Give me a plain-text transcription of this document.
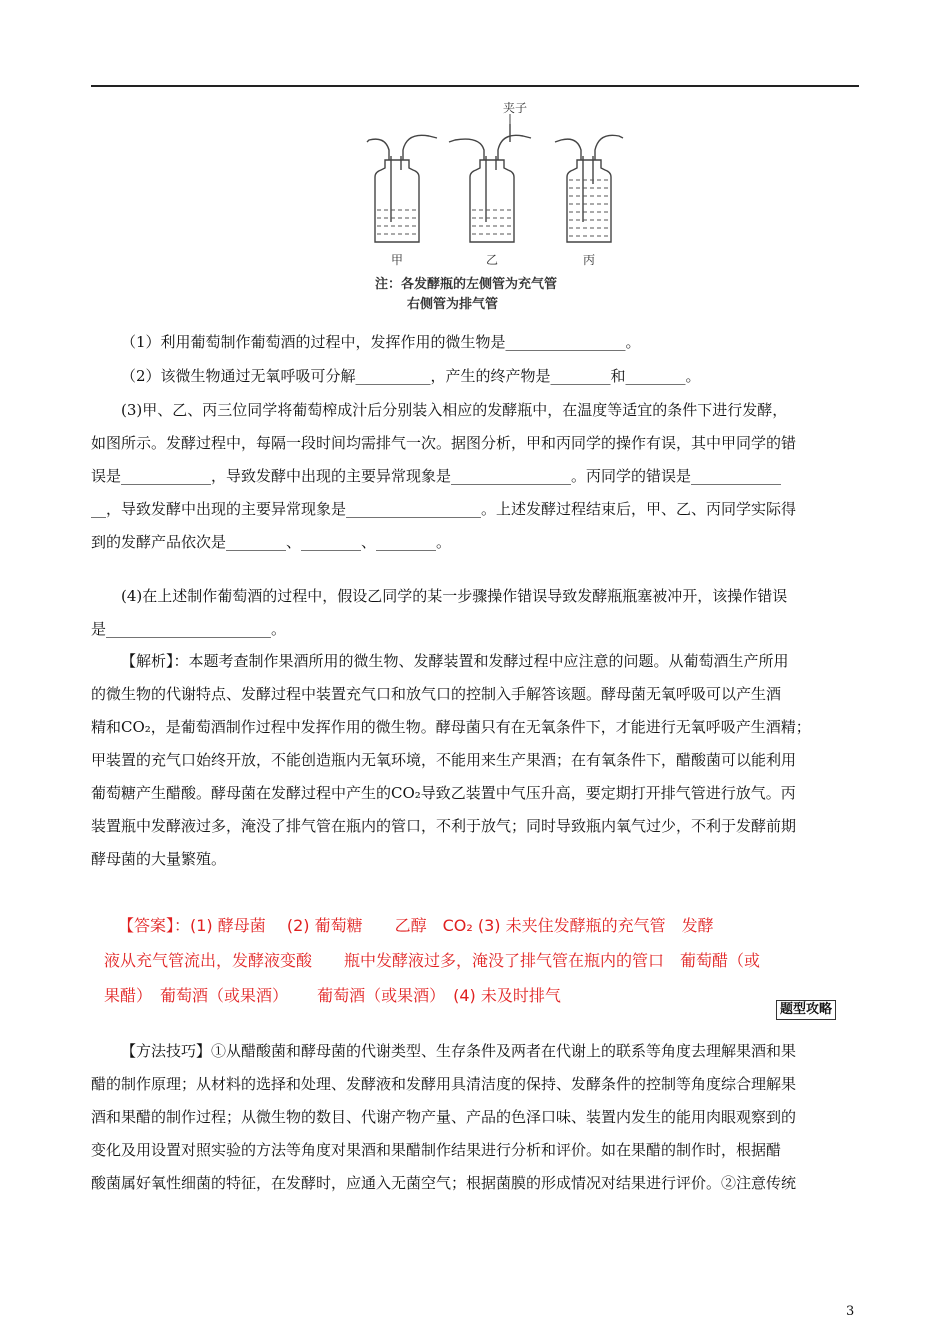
夹子
甲	乙	丙
注：各发酵瓶的左侧管为充气管
右侧管为排气管
（1）利用葡萄制作葡萄酒的过程中，发挥作用的微生物是________________。
（2）该微生物通过无氧呼吸可分解__________，产生的终产物是________和________。
(3)甲、乙、丙三位同学将葡萄榨成汁后分别装入相应的发酵瓶中，在温度等适宜的条件下进行发酵，
如图所示。发酵过程中，每隔一段时间均需排气一次。据图分析，甲和丙同学的操作有误，其中甲同学的错
误是____________，导致发酵中出现的主要异常现象是________________。丙同学的错误是____________
__，导致发酵中出现的主要异常现象是__________________。上述发酵过程结束后，甲、乙、丙同学实际得
到的发酵产品依次是________、________、________。
(4)在上述制作葡萄酒的过程中，假设乙同学的某一步骤操作错误导致发酵瓶瓶塞被冲开，该操作错误
是______________________。
【解析】：本题考查制作果酒所用的微生物、发酵装置和发酵过程中应注意的问题。从葡萄酒生产所用
的微生物的代谢特点、发酵过程中装置充气口和放气口的控制入手解答该题。酵母菌无氧呼吸可以产生酒
精和CO₂，是葡萄酒制作过程中发挥作用的微生物。酵母菌只有在无氧条件下，才能进行无氧呼吸产生酒精；
甲装置的充气口始终开放，不能创造瓶内无氧环境，不能用来生产果酒；在有氧条件下，醋酸菌可以能利用
葡萄糖产生醋酸。酵母菌在发酵过程中产生的CO₂导致乙装置中气压升高，要定期打开排气管进行放气。丙
装置瓶中发酵液过多，淹没了排气管在瓶内的管口，不利于放气；同时导致瓶内氧气过少，不利于发酵前期
酵母菌的大量繁殖。
【答案】：(1) 酵母菌　 (2) 葡萄糖　　乙醇　CO₂ (3) 未夹住发酵瓶的充气管　发酵
液从充气管流出，发酵液变酸　　瓶中发酵液过多，淹没了排气管在瓶内的管口　葡萄醋（或
果醋）　葡萄酒（或果酒）　　 葡萄酒（或果酒）　(4) 未及时排气
题型攻略
【方法技巧】①从醋酸菌和酵母菌的代谢类型、生存条件及两者在代谢上的联系等角度去理解果酒和果
醋的制作原理；从材料的选择和处理、发酵液和发酵用具清洁度的保持、发酵条件的控制等角度综合理解果
酒和果醋的制作过程；从微生物的数目、代谢产物产量、产品的色泽口味、装置内发生的能用肉眼观察到的
变化及用设置对照实验的方法等角度对果酒和果醋制作结果进行分析和评价。如在果醋的制作时，根据醋
酸菌属好氧性细菌的特征，在发酵时，应通入无菌空气；根据菌膜的形成情况对结果进行评价。②注意传统
3
